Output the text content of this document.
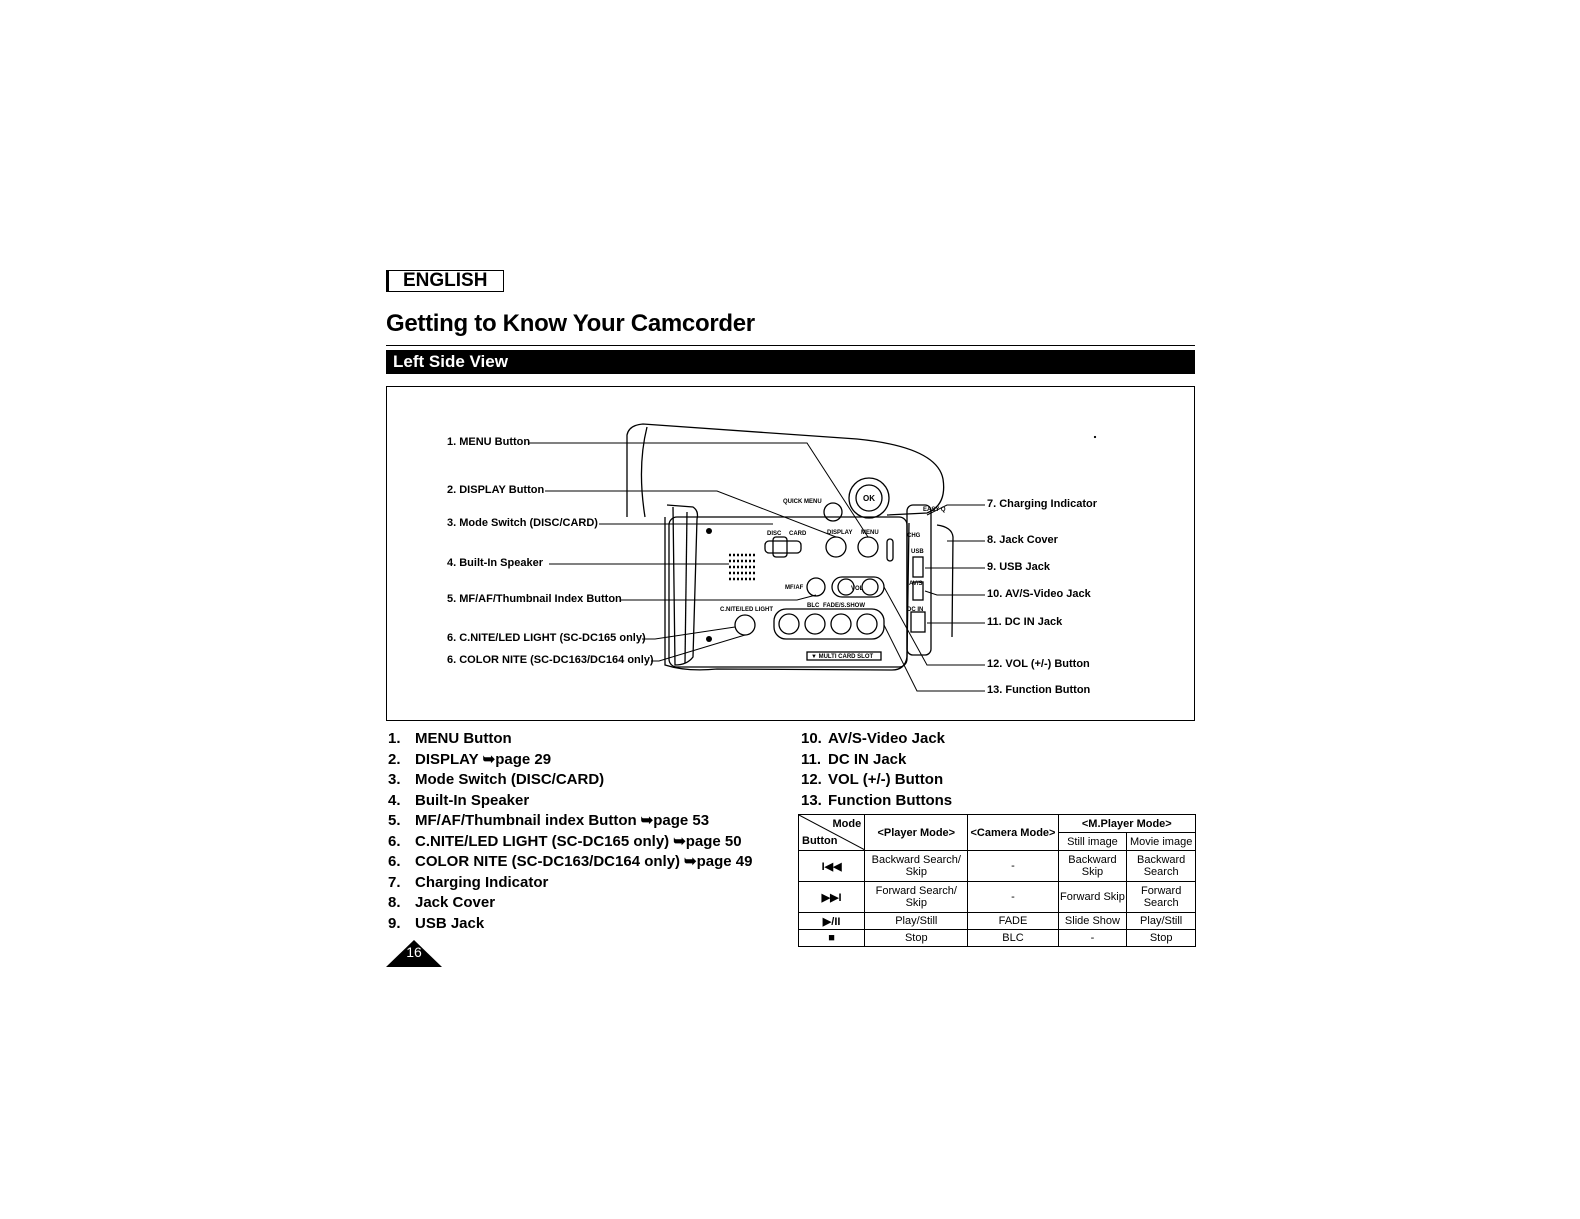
ENGLISH
Getting to Know Your Camcorder
Left Side View
QUICK MENU	OK
DISPLAY MENU
DISC CARD
MF/AF	VOL
C.NITE/LED LIGHT
BLC FADE/S.SHOW
▼ MULTI CARD SLOT
EASY Q
CHG
USB
AV/S
DC IN
1. MENU Button
2. DISPLAY Button
3. Mode Switch (DISC/CARD)
4. Built-In Speaker
5. MF/AF/Thumbnail Index Button
6. C.NITE/LED LIGHT (SC-DC165 only)
6. COLOR NITE (SC-DC163/DC164 only)
7. Charging Indicator
8. Jack Cover
9. USB Jack
10. AV/S-Video Jack
11. DC IN Jack
12. VOL (+/-) Button
13. Function Button
1. MENU Button
2. DISPLAY ➥page 29
3. Mode Switch (DISC/CARD)
4. Built-In Speaker
5. MF/AF/Thumbnail index Button ➥page 53
6. C.NITE/LED LIGHT (SC-DC165 only) ➥page 50
6. COLOR NITE (SC-DC163/DC164 only) ➥page 49
7. Charging Indicator
8. Jack Cover
9. USB Jack
10. AV/S-Video Jack
11. DC IN Jack
12. VOL (+/-) Button
13. Function Buttons
Mode
Button	<Player Mode>	<Camera Mode>	<M.Player Mode>	
			Still image	Movie image
I◀◀	Backward Search/ Skip	-	Backward Skip	Backward Search
▶▶I	Forward Search/ Skip	-	Forward Skip	Forward Search
▶/II	Play/Still	FADE	Slide Show	Play/Still
■	Stop	BLC	-	Stop
16
